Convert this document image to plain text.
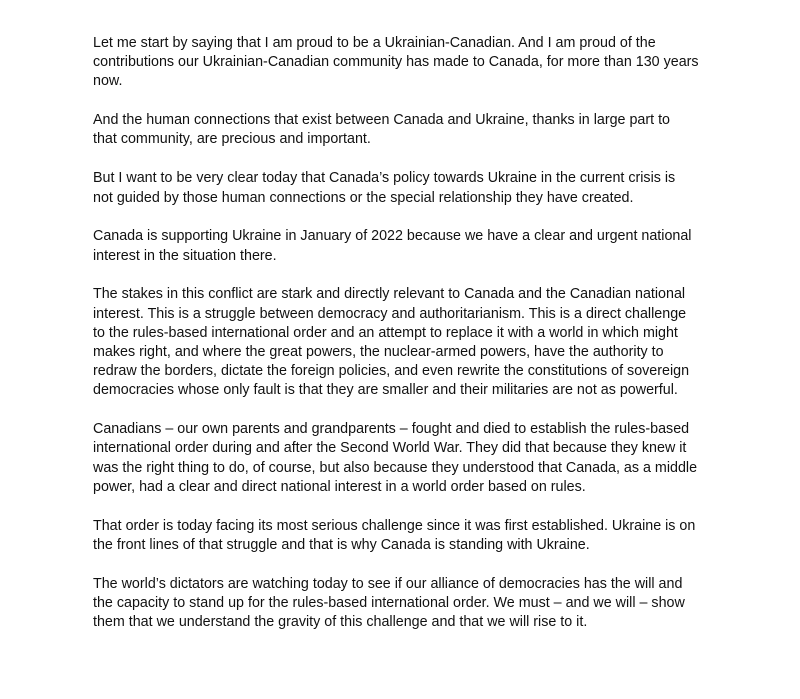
Let me start by saying that I am proud to be a Ukrainian-Canadian. And I am proud of the
contributions our Ukrainian-Canadian community has made to Canada, for more than 130 years
now.

And the human connections that exist between Canada and Ukraine, thanks in large part to
that community, are precious and important.

But I want to be very clear today that Canada’s policy towards Ukraine in the current crisis is
not guided by those human connections or the special relationship they have created.

Canada is supporting Ukraine in January of 2022 because we have a clear and urgent national
interest in the situation there.

The stakes in this conflict are stark and directly relevant to Canada and the Canadian national
interest. This is a struggle between democracy and authoritarianism. This is a direct challenge
to the rules-based international order and an attempt to replace it with a world in which might
makes right, and where the great powers, the nuclear-armed powers, have the authority to
redraw the borders, dictate the foreign policies, and even rewrite the constitutions of sovereign
democracies whose only fault is that they are smaller and their militaries are not as powerful.

Canadians – our own parents and grandparents – fought and died to establish the rules-based
international order during and after the Second World War. They did that because they knew it
was the right thing to do, of course, but also because they understood that Canada, as a middle
power, had a clear and direct national interest in a world order based on rules.

That order is today facing its most serious challenge since it was first established. Ukraine is on
the front lines of that struggle and that is why Canada is standing with Ukraine.

The world’s dictators are watching today to see if our alliance of democracies has the will and
the capacity to stand up for the rules-based international order. We must – and we will – show
them that we understand the gravity of this challenge and that we will rise to it.
